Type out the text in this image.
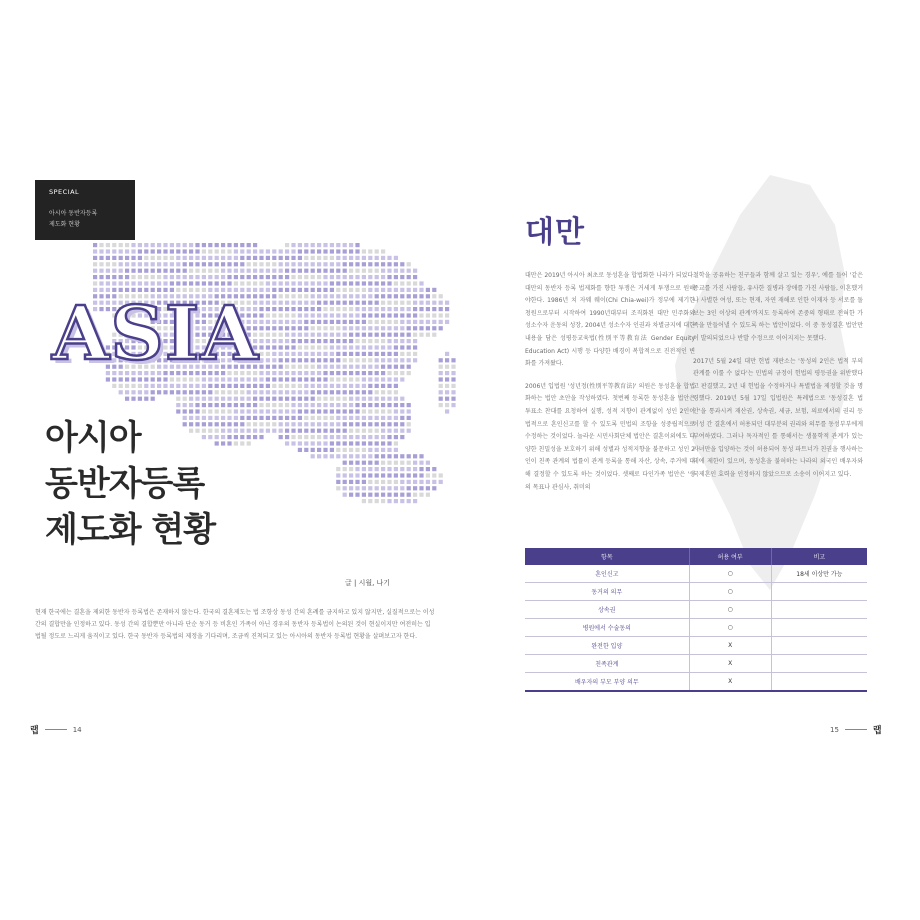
SPECIAL
아시아 동반자등록
제도화 현황
ASIA
아시아
동반자등록
제도화 현황
글 | 시월, 나기
현재 한국에는 결혼을 제외한 동반자 등록법은 존재하지 않는다. 한국의 결혼제도는 법 조항상 동성 간의 혼례를 금지하고 있지 않지만, 실질적으로는 이성 간의 결합만을 인정하고 있다. 동성 간의 결합뿐만 아니라 단순 동거 등 비혼인 가족이 아닌 경우의 동반자 등록법이 논의된 것이 현실이지만 여전히는 입법될 정도로 느리게 움직이고 있다. 한국 동반자 등록법의 제정을 기다리며, 조금씩 진척되고 있는 아시아의 동반자 등록법 현황을 살펴보고자 한다.
랩	14
대만

대만은 2019년 아시아 최초로 동성혼을 합법화한 나라가 되었다. 대만의 동반자 등록 법제화를 향한 투쟁은 거세게 투쟁으로 원해야한다. 1986년 치 자웨 웨이(Chi Chia-wei)가 정부에 제기한 청원으로부터 시작하여 1990년대부터 조직화된 대만 민주화와 성소수자 운동의 성장, 2004년 성소수자 인권과 차별금지에 대한 내용을 담은 성평등교육법(性別平等教育法 Gender Equity Education Act) 시행 등 다양한 배경이 복합적으로 진전적인 변화를 가져왔다.

2006년 입법원 '성년정(性別平等教育法)' 의원은 동성혼을 합법화하는 법안 초안을 작성하였다. 첫번째 등록한 동성혼을 법안은 투표소 찬대를 요청하여 실행, 성적 지향이 관계없이 성인 2인이 법적으로 혼인신고를 할 수 있도록 민법의 조항을 성중립적으로 수정하는 것이었다. 놀라운 시민사회단체 법안은 결혼이외에도 다양한 친밀성을 보호하기 위해 성별과 성적지향을 불문하고 성인 2인이 친족 관계의 법률이 관계 등록을 통해 자산, 상속, 주거에 대해 결정할 수 있도록 하는 것이었다. 셋째로 다인가족 법안은 '생의 목표나 관심사, 취미의

철학을 공유하는 친구들과 함께 살고 있는 경우', 예를 들어 '같은 종교를 가진 사람들, 유사한 질병과 장애를 가진 사람들, 이혼했거나 사별한 여성, 또는 현재, 자연 재해로 인한 이재자 등 서로를 돌보는 3인 이상의 관계'까지도 등록하여 존중의 형태로 전혀한 가족을 만들어낼 수 있도록 하는 법안이었다. 이 중 동성결혼 법안만이 발의되었으나 반발 수정으로 이어지지는 못했다.

2017년 5월 24일 대만 헌법 재판소는 '동성의 2인은 법적 부의 관계를 이룰 수 없다'는 민법의 규정이 헌법의 평등권을 위반했다고 판결했고, 2년 내 헌법을 수정하거나 특별법을 제정할 것을 명령했다. 2019년 5월 17일 입법원은 특례법으로 '동성결혼 법안'을 통과시켜 재산권, 상속권, 세금, 보험, 의료에서의 권리 등 이성 간 결혼에서 허용되던 대부분의 권리와 의무를 동성부부에게 부여하였다. 그러나 독자적인 틀 통해서는 생물학적 관계가 있는 자녀만을 입양하는 것이 허용되어 동성 파트너가 친권을 행사하는 데에 제한이 있으며, 동성혼을 불허하는 나라의 외국인 배우자와 국제혼인 효력을 인정하지 않았으므로 소송이 이어지고 있다.

항목	허용 여부	비고
혼인신고	○	18세 이상만 가능
동거의 의무	○	
상속권	○	
병원에서 수술동의	○	
완전한 입양	X	
친족관계	X	
배우자의 부모 부양 의무	X	
15	랩
